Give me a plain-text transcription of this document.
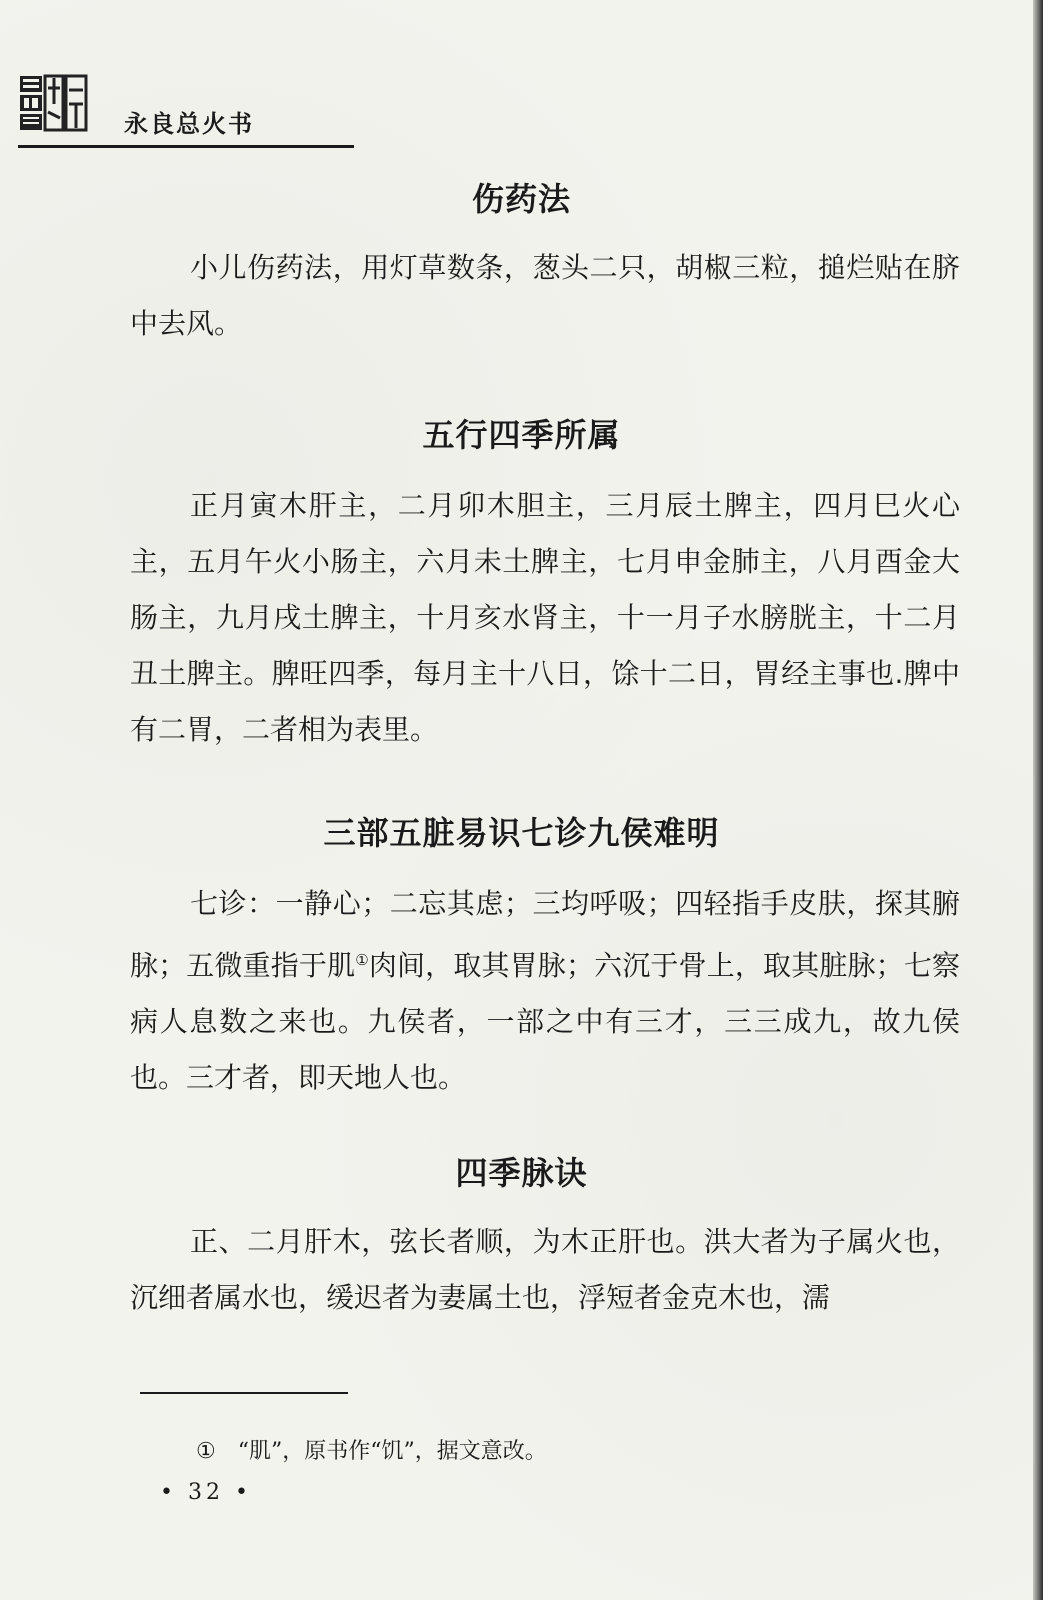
永良总火书
伤药法
小儿伤药法，用灯草数条，葱头二只，胡椒三粒，搥烂贴在脐中去风。
五行四季所属
正月寅木肝主，二月卯木胆主，三月辰土脾主，四月巳火心主，五月午火小肠主，六月未土脾主，七月申金肺主，八月酉金大肠主，九月戌土脾主，十月亥水肾主，十一月子水膀胱主，十二月丑土脾主。脾旺四季，每月主十八日，馀十二日，胃经主事也.脾中有二胃，二者相为表里。
三部五脏易识七诊九侯难明
七诊：一静心；二忘其虑；三均呼吸；四轻指手皮肤，探其腑脉；五微重指于肌①肉间，取其胃脉；六沉于骨上，取其脏脉；七察病人息数之来也。九侯者，一部之中有三才，三三成九，故九侯也。三才者，即天地人也。
四季脉诀
正、二月肝木，弦长者顺，为木正肝也。洪大者为子属火也，沉细者属水也，缓迟者为妻属土也，浮短者金克木也，濡
① “肌”，原书作“饥”，据文意改。
• 32 •
